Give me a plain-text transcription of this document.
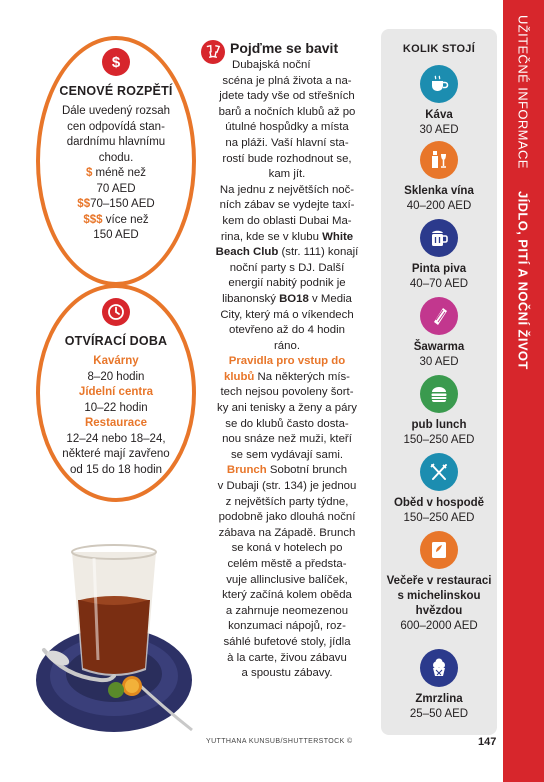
$
CENOVÉ ROZPĚTÍ
Dále uvedený rozsah
cen odpovídá stan-
dardnímu hlavnímu
chodu.
$ méně než
70 AED
$$70–150 AED
$$$ více než
150 AED
OTVÍRACÍ DOBA
Kavárny
8–20 hodin
Jídelní centra
10–22 hodin
Restaurace
12–24 nebo 18–24,
některé mají zavřeno
od 15 do 18 hodin
Pojďme se bavit
Dubajská noční
scéna je plná života a na-
jdete tady vše od střešních
barů a nočních klubů až po
útulné hospůdky a místa
na pláži. Vaší hlavní sta-
rostí bude rozhodnout se,
kam jít.
Na jednu z největších noč-
ních zábav se vydejte taxí-
kem do oblasti Dubai Ma-
rina, kde se v klubu White
Beach Club (str. 111) konají
noční party s DJ. Další
energií nabitý podnik je
libanonský BO18 v Media
City, který má o víkendech
otevřeno až do 4 hodin
ráno.
Pravidla pro vstup do
klubů Na některých mís-
tech nejsou povoleny šort-
ky ani tenisky a ženy a páry
se do klubů často dosta-
nou snáze než muži, kteří
se sem vydávají sami.
Brunch Sobotní brunch
v Dubaji (str. 134) je jednou
z největších party týdne,
podobně jako dlouhá noční
zábava na Západě. Brunch
se koná v hotelech po
celém městě a předsta-
vuje allinclusive balíček,
který začíná kolem oběda
a zahrnuje neomezenou
konzumaci nápojů, roz-
sáhlé bufetové stoly, jídla
à la carte, živou zábavu
a spoustu zábavy.
KOLIK STOJÍ
Káva
30 AED
Sklenka vína
40–200 AED
Pinta piva
40–70 AED
Šawarma
30 AED
pub lunch
150–250 AED
Oběd v hospodě
150–250 AED
Večeře v restauraci
s michelinskou
hvězdou
600–2000 AED
Zmrzlina
25–50 AED
UŽITEČNÉ INFORMACE
JÍDLO, PITÍ A NOČNÍ ŽIVOT
YUTTHANA KUNSUB/SHUTTERSTOCK ©	147
